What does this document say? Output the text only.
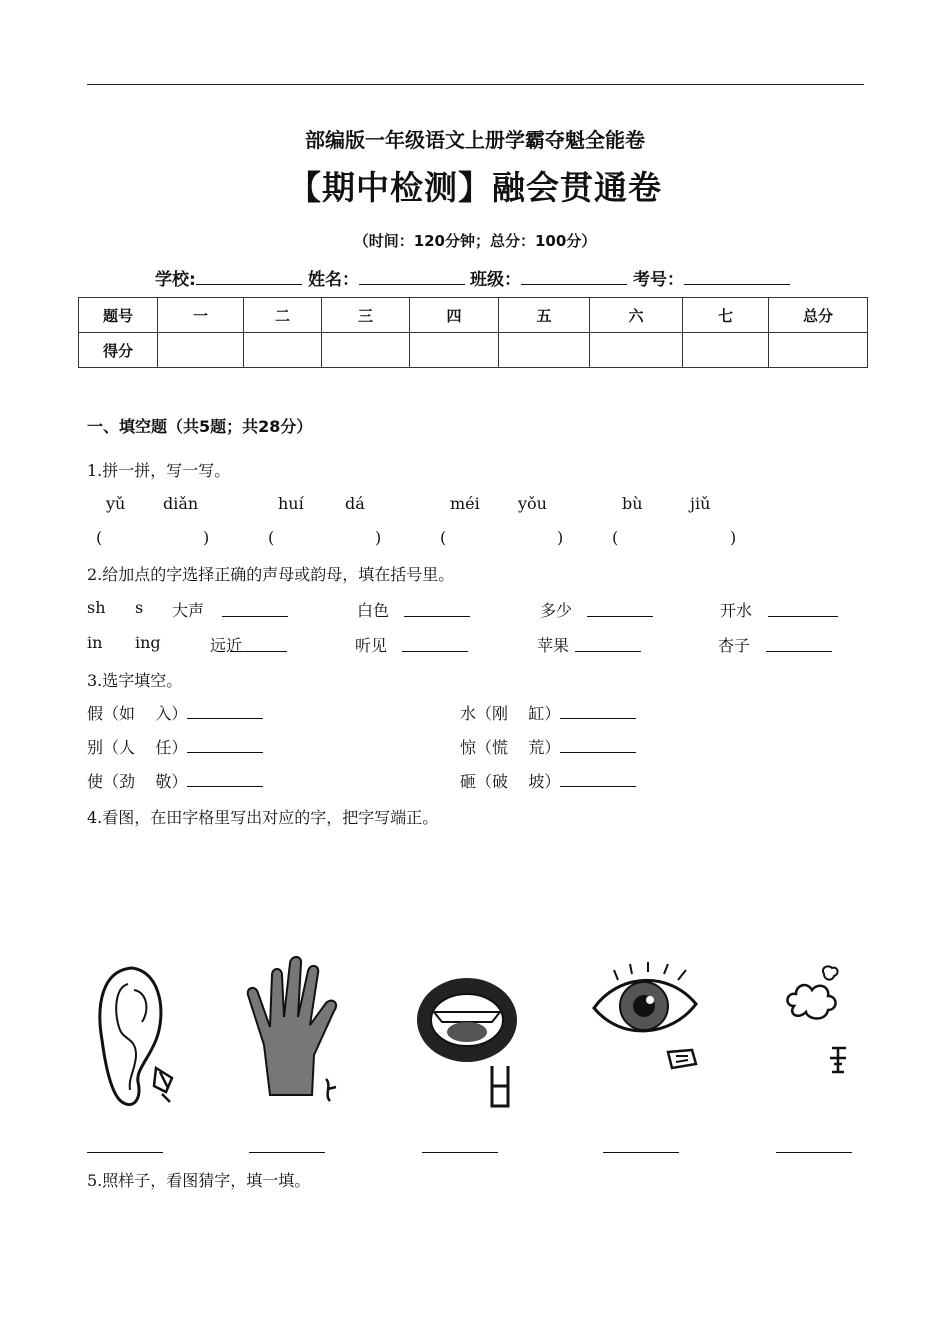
部编版一年级语文上册学霸夺魁全能卷
【期中检测】融会贯通卷
（时间：120分钟；总分：100分）
学校:	姓名：	班级：	考号：
题号	一	二	三	四	五	六	七	总分
得分								
一、填空题（共5题；共28分）
1.拼一拼，写一写。
yǔ diǎn	huí	dá	méi yǒu	bù	jiǔ
(	)	(	)	(	)	(	)
2.给加点的字选择正确的声母或韵母，填在括号里。
sh s 大声	白色	多少	开水
in ing	远近	听见	苹果	杏子
3.选字填空。
假（如 入）	水（刚 缸）
别（人 任）	惊（慌 荒）
使（劲 敬）	砸（破 坡）
4.看图，在田字格里写出对应的字，把字写端正。
5.照样子，看图猜字，填一填。
